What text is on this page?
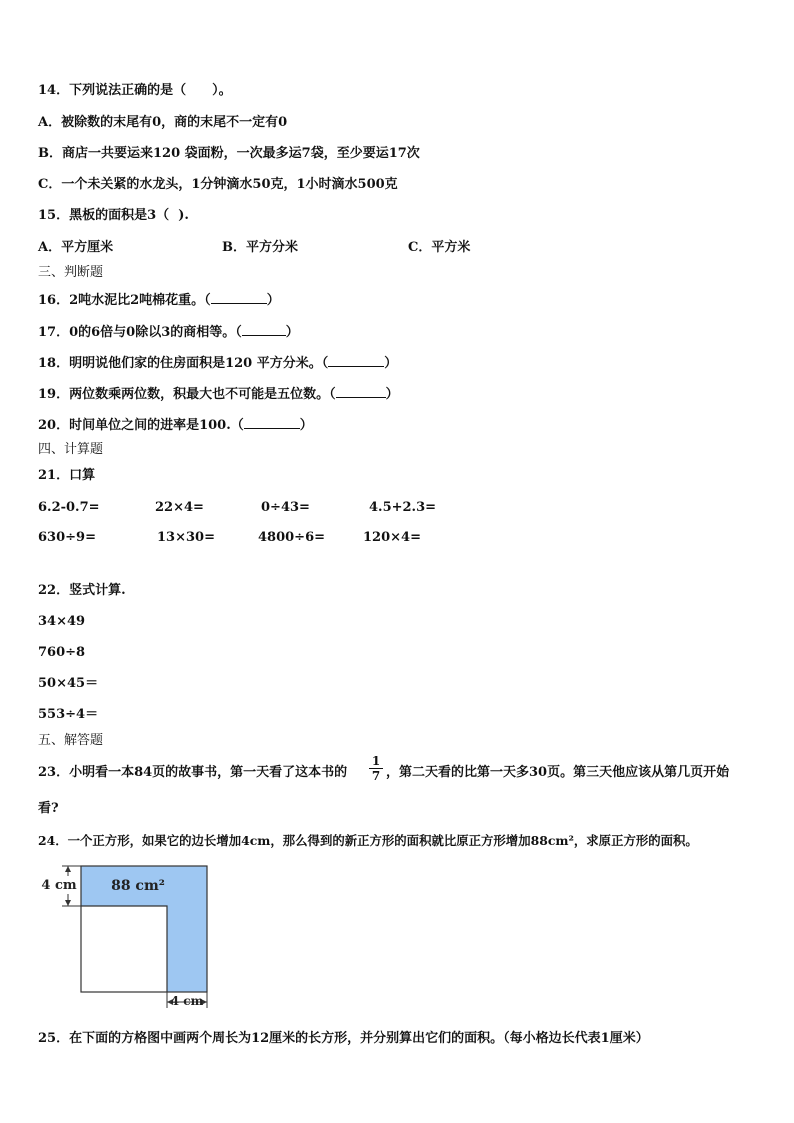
14．下列说法正确的是（　　）。
A．被除数的末尾有0，商的末尾不一定有0
B．商店一共要运来120 袋面粉，一次最多运7袋，至少要运17次
C．一个未关紧的水龙头，1分钟滴水50克，1小时滴水500克
15．黑板的面积是3（  ).
A．平方厘米	B．平方分米	C．平方米
三、判断题
16．2吨水泥比2吨棉花重。（	）
17．0的6倍与0除以3的商相等。（	）
18．明明说他们家的住房面积是120 平方分米。（	）
19．两位数乘两位数，积最大也不可能是五位数。（	）
20．时间单位之间的进率是100.（	）
四、计算题
21．口算
6.2-0.7=	22×4=	0÷43=	4.5+2.3=
630÷9=	13×30=	4800÷6=	120×4=
22．竖式计算.
34×49
760÷8
50×45＝
553÷4＝
五、解答题
23．小明看一本84页的故事书，第一天看了这本书的 $\frac{1}{7}$ ，第二天看的比第一天多30页。第三天他应该从第几页开始
看?
24．一个正方形，如果它的边长增加4cm，那么得到的新正方形的面积就比原正方形增加88cm²，求原正方形的面积。
4 cm 88 cm²
4 cm
25．在下面的方格图中画两个周长为12厘米的长方形，并分别算出它们的面积。（每小格边长代表1厘米）
